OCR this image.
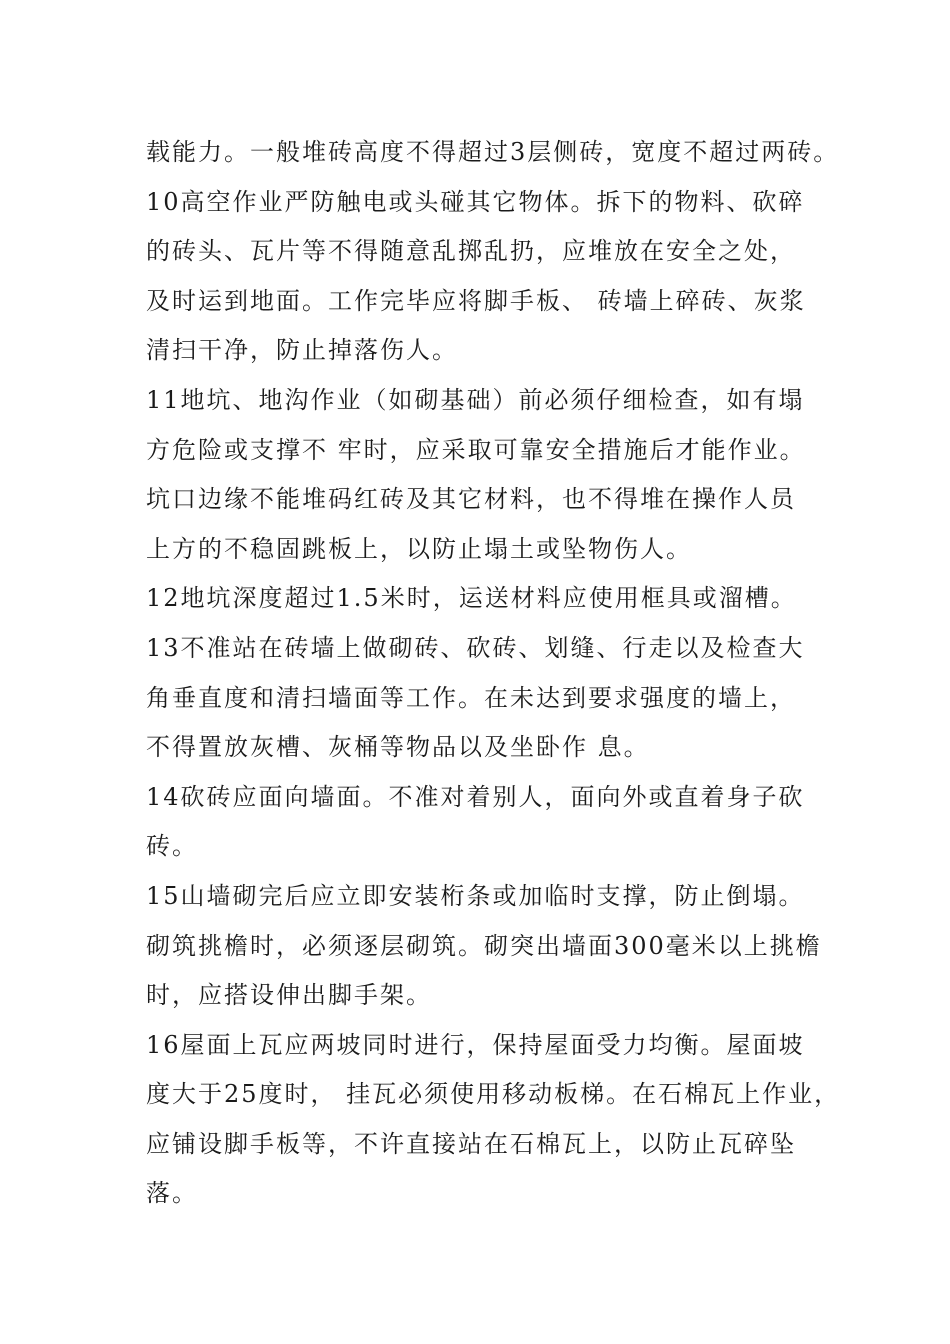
载能力。一般堆砖高度不得超过3层侧砖，宽度不超过两砖。
10高空作业严防触电或头碰其它物体。拆下的物料、砍碎
的砖头、瓦片等不得随意乱掷乱扔，应堆放在安全之处，
及时运到地面。工作完毕应将脚手板、 砖墙上碎砖、灰浆
清扫干净，防止掉落伤人。
11地坑、地沟作业（如砌基础）前必须仔细检查，如有塌
方危险或支撑不 牢时，应采取可靠安全措施后才能作业。
坑口边缘不能堆码红砖及其它材料，也不得堆在操作人员
上方的不稳固跳板上，以防止塌土或坠物伤人。
12地坑深度超过1.5米时，运送材料应使用框具或溜槽。
13不准站在砖墙上做砌砖、砍砖、划缝、行走以及检查大
角垂直度和清扫墙面等工作。在未达到要求强度的墙上，
不得置放灰槽、灰桶等物品以及坐卧作 息。
14砍砖应面向墙面。不准对着别人，面向外或直着身子砍
砖。
15山墙砌完后应立即安装桁条或加临时支撑，防止倒塌。
砌筑挑檐时，必须逐层砌筑。砌突出墙面300毫米以上挑檐
时，应搭设伸出脚手架。
16屋面上瓦应两坡同时进行，保持屋面受力均衡。屋面坡
度大于25度时， 挂瓦必须使用移动板梯。在石棉瓦上作业，
应铺设脚手板等，不许直接站在石棉瓦上，以防止瓦碎坠
落。
